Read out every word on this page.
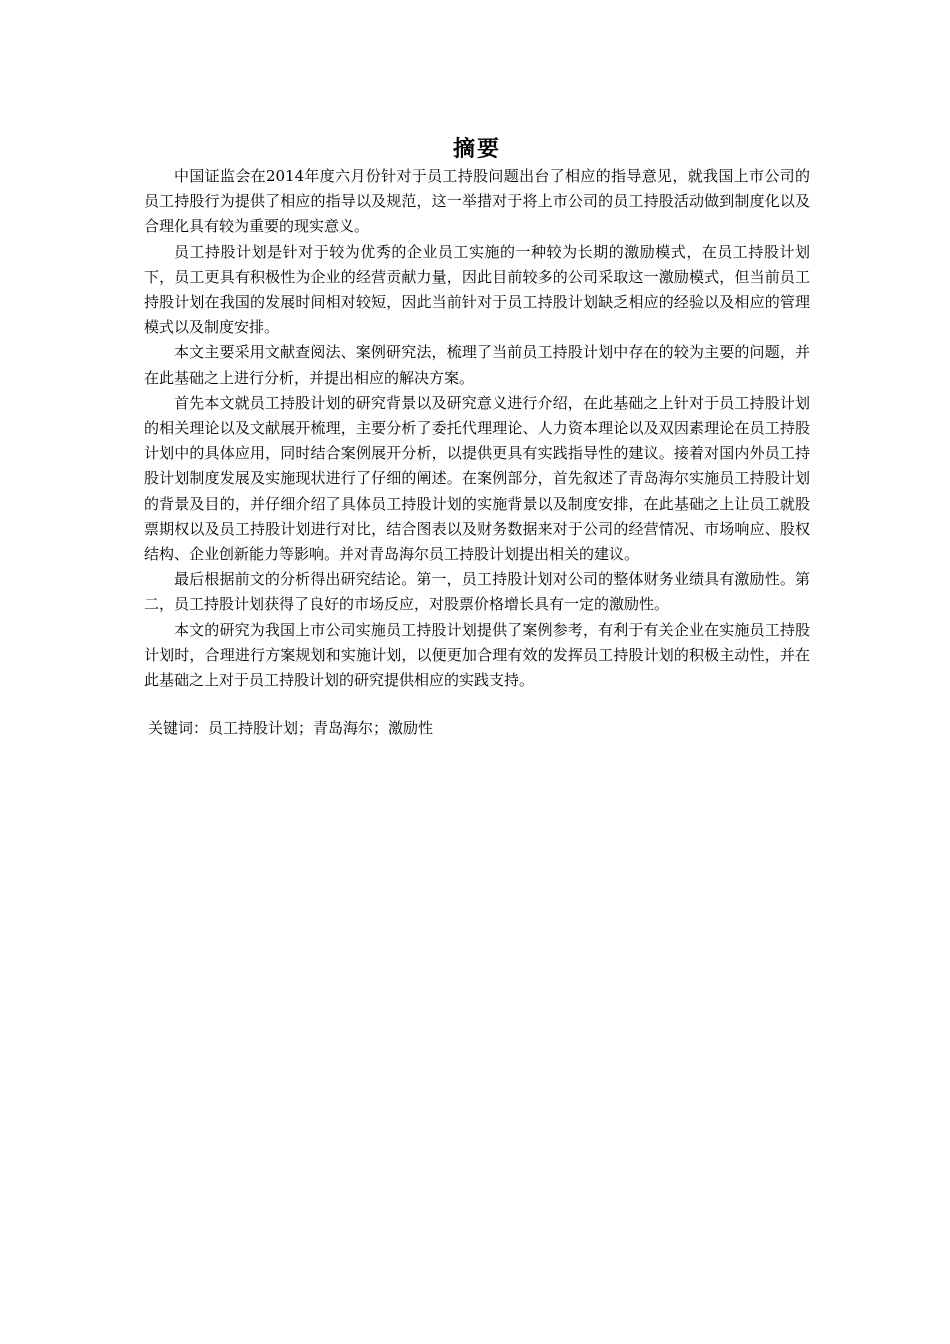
摘要

中国证监会在2014年度六月份针对于员工持股问题出台了相应的指导意见，就我国上市公司的员工持股行为提供了相应的指导以及规范，这一举措对于将上市公司的员工持股活动做到制度化以及合理化具有较为重要的现实意义。

员工持股计划是针对于较为优秀的企业员工实施的一种较为长期的激励模式，在员工持股计划下，员工更具有积极性为企业的经营贡献力量，因此目前较多的公司采取这一激励模式，但当前员工持股计划在我国的发展时间相对较短，因此当前针对于员工持股计划缺乏相应的经验以及相应的管理模式以及制度安排。

本文主要采用文献查阅法、案例研究法，梳理了当前员工持股计划中存在的较为主要的问题，并在此基础之上进行分析，并提出相应的解决方案。

首先本文就员工持股计划的研究背景以及研究意义进行介绍，在此基础之上针对于员工持股计划的相关理论以及文献展开梳理，主要分析了委托代理理论、人力资本理论以及双因素理论在员工持股计划中的具体应用，同时结合案例展开分析，以提供更具有实践指导性的建议。接着对国内外员工持股计划制度发展及实施现状进行了仔细的阐述。在案例部分，首先叙述了青岛海尔实施员工持股计划的背景及目的，并仔细介绍了具体员工持股计划的实施背景以及制度安排，在此基础之上让员工就股票期权以及员工持股计划进行对比，结合图表以及财务数据来对于公司的经营情况、市场响应、股权结构、企业创新能力等影响。并对青岛海尔员工持股计划提出相关的建议。

最后根据前文的分析得出研究结论。第一，员工持股计划对公司的整体财务业绩具有激励性。第二，员工持股计划获得了良好的市场反应，对股票价格增长具有一定的激励性。

本文的研究为我国上市公司实施员工持股计划提供了案例参考，有利于有关企业在实施员工持股计划时，合理进行方案规划和实施计划，以便更加合理有效的发挥员工持股计划的积极主动性，并在此基础之上对于员工持股计划的研究提供相应的实践支持。

关键词：员工持股计划；青岛海尔；激励性
